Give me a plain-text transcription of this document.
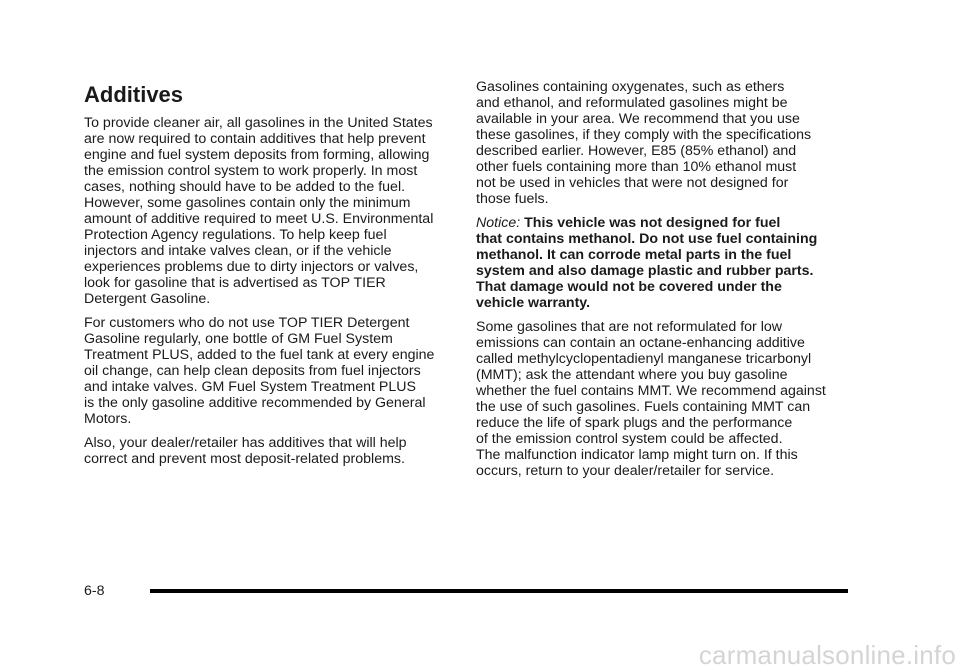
Additives

To provide cleaner air, all gasolines in the United States
are now required to contain additives that help prevent
engine and fuel system deposits from forming, allowing
the emission control system to work properly. In most
cases, nothing should have to be added to the fuel.
However, some gasolines contain only the minimum
amount of additive required to meet U.S. Environmental
Protection Agency regulations. To help keep fuel
injectors and intake valves clean, or if the vehicle
experiences problems due to dirty injectors or valves,
look for gasoline that is advertised as TOP TIER
Detergent Gasoline.

For customers who do not use TOP TIER Detergent
Gasoline regularly, one bottle of GM Fuel System
Treatment PLUS, added to the fuel tank at every engine
oil change, can help clean deposits from fuel injectors
and intake valves. GM Fuel System Treatment PLUS
is the only gasoline additive recommended by General
Motors.

Also, your dealer/retailer has additives that will help
correct and prevent most deposit-related problems.

Gasolines containing oxygenates, such as ethers
and ethanol, and reformulated gasolines might be
available in your area. We recommend that you use
these gasolines, if they comply with the specifications
described earlier. However, E85 (85% ethanol) and
other fuels containing more than 10% ethanol must
not be used in vehicles that were not designed for
those fuels.

Notice: This vehicle was not designed for fuel
that contains methanol. Do not use fuel containing
methanol. It can corrode metal parts in the fuel
system and also damage plastic and rubber parts.
That damage would not be covered under the
vehicle warranty.

Some gasolines that are not reformulated for low
emissions can contain an octane-enhancing additive
called methylcyclopentadienyl manganese tricarbonyl
(MMT); ask the attendant where you buy gasoline
whether the fuel contains MMT. We recommend against
the use of such gasolines. Fuels containing MMT can
reduce the life of spark plugs and the performance
of the emission control system could be affected.
The malfunction indicator lamp might turn on. If this
occurs, return to your dealer/retailer for service.

6-8
carmanualsonline.info
